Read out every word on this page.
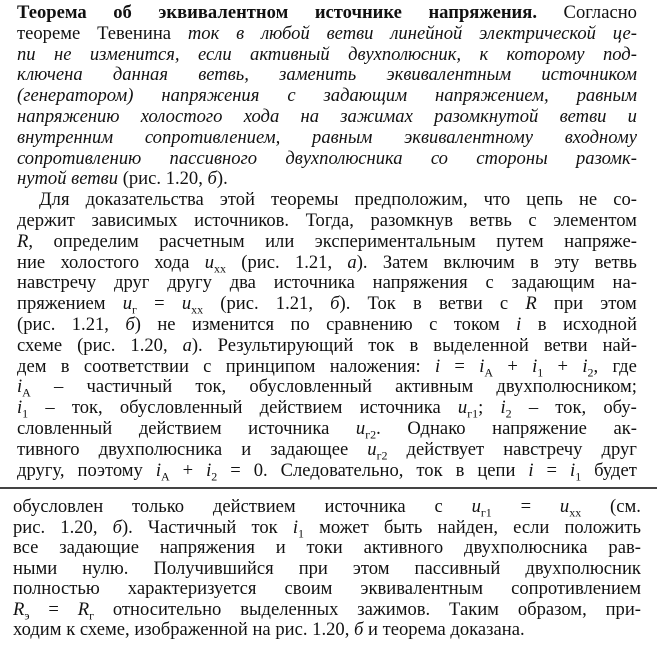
Теорема об эквивалентном источнике напряжения. Согласно
теореме Тевенина ток в любой ветви линейной электрической це-
пи не изменится, если активный двухполюсник, к которому под-
ключена данная ветвь, заменить эквивалентным источником
(генератором) напряжения с задающим напряжением, равным
напряжению холостого хода на зажимах разомкнутой ветви и
внутренним сопротивлением, равным эквивалентному входному
сопротивлению пассивного двухполюсника со стороны разомк-
нутой ветви (рис. 1.20, б).
Для доказательства этой теоремы предположим, что цепь не со-
держит зависимых источников. Тогда, разомкнув ветвь с элементом
R, определим расчетным или экспериментальным путем напряже-
ние холостого хода $u_{xx}$ (рис. 1.21, а). Затем включим в эту ветвь
навстречу друг другу два источника напряжения с задающим на-
пряжением $u_г = u_{xx}$ (рис. 1.21, б). Ток в ветви с R при этом
(рис. 1.21, б) не изменится по сравнению с током i в исходной
схеме (рис. 1.20, а). Результирующий ток в выделенной ветви най-
дем в соответствии с принципом наложения: $i = i_A + i_1 + i_2$, где
$i_A$ – частичный ток, обусловленный активным двухполюсником;
$i_1$ – ток, обусловленный действием источника $u_{г1}$; $i_2$ – ток, обу-
словленный действием источника $u_{г2}$. Однако напряжение ак-
тивного двухполюсника и задающее $u_{г2}$ действует навстречу друг
другу, поэтому $i_A + i_2 = 0$. Следовательно, ток в цепи $i = i_1$ будет
обусловлен только действием источника с $u_{г1} = u_{xx}$ (см.
рис. 1.20, б). Частичный ток $i_1$ может быть найден, если положить
все задающие напряжения и токи активного двухполюсника рав-
ными нулю. Получившийся при этом пассивный двухполюсник
полностью характеризуется своим эквивалентным сопротивлением
$R_э = R_г$ относительно выделенных зажимов. Таким образом, при-
ходим к схеме, изображенной на рис. 1.20, б и теорема доказана.
